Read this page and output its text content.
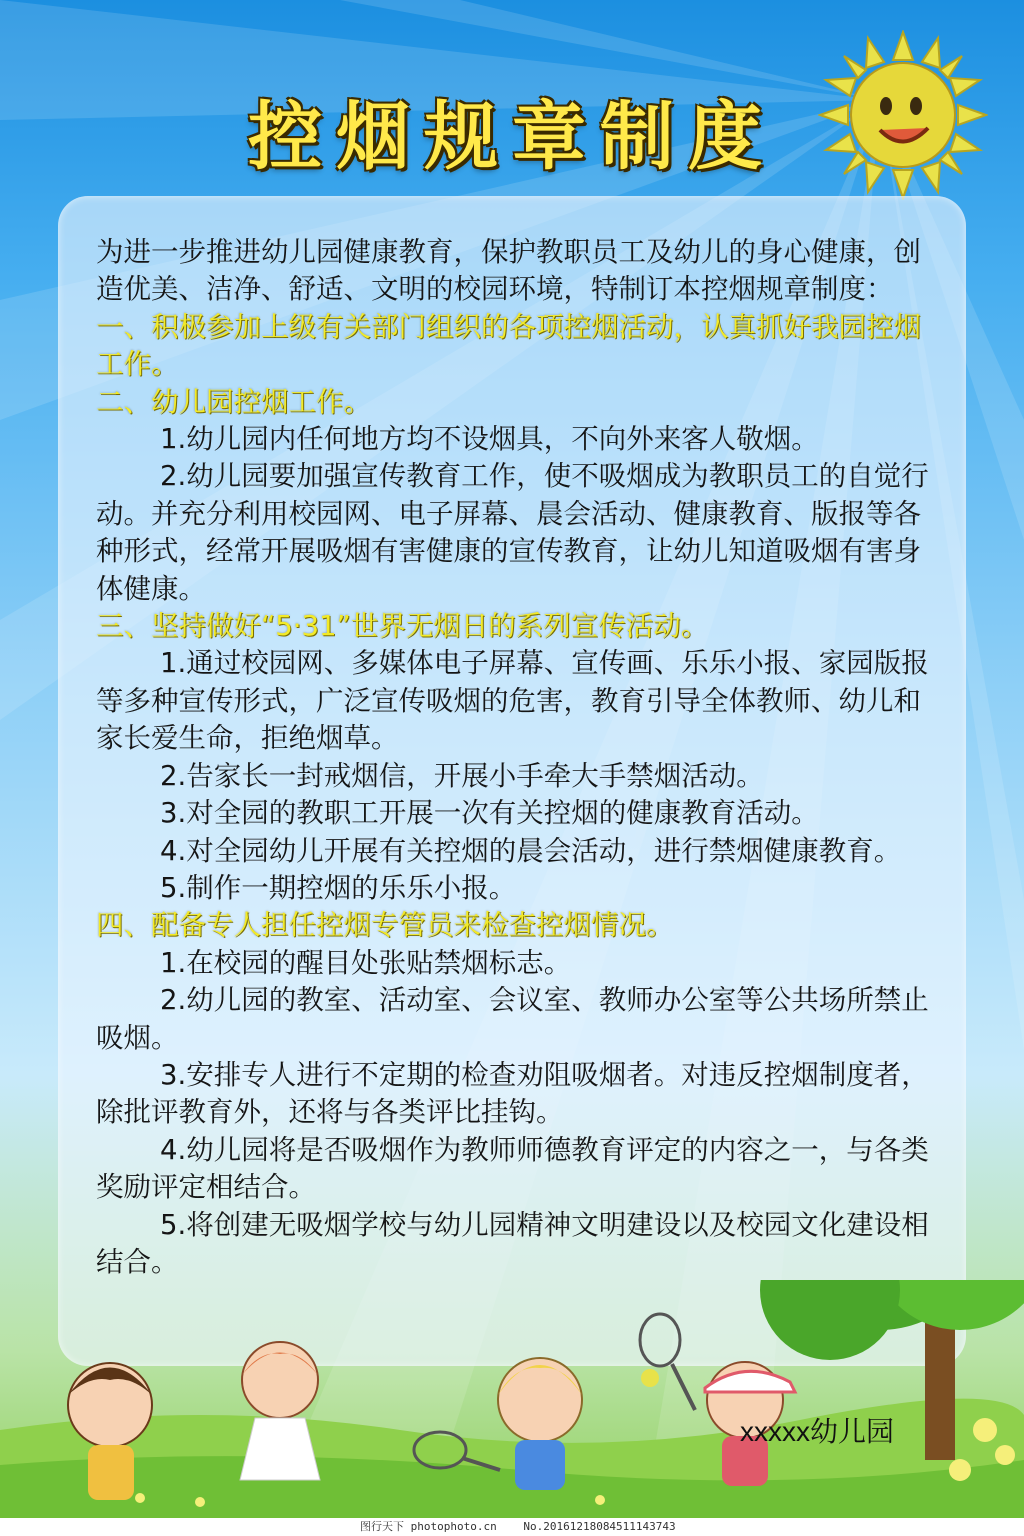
控烟规章制度

为进一步推进幼儿园健康教育，保护教职员工及幼儿的身心健康，创造优美、洁净、舒适、文明的校园环境，特制订本控烟规章制度：

一、积极参加上级有关部门组织的各项控烟活动，认真抓好我园控烟工作。

二、幼儿园控烟工作。

1.幼儿园内任何地方均不设烟具，不向外来客人敬烟。

2.幼儿园要加强宣传教育工作，使不吸烟成为教职员工的自觉行动。并充分利用校园网、电子屏幕、晨会活动、健康教育、版报等各种形式，经常开展吸烟有害健康的宣传教育，让幼儿知道吸烟有害身体健康。

三、坚持做好“5·31”世界无烟日的系列宣传活动。

1.通过校园网、多媒体电子屏幕、宣传画、乐乐小报、家园版报等多种宣传形式，广泛宣传吸烟的危害，教育引导全体教师、幼儿和家长爱生命，拒绝烟草。

2.告家长一封戒烟信，开展小手牵大手禁烟活动。

3.对全园的教职工开展一次有关控烟的健康教育活动。

4.对全园幼儿开展有关控烟的晨会活动，进行禁烟健康教育。

5.制作一期控烟的乐乐小报。

四、配备专人担任控烟专管员来检查控烟情况。

1.在校园的醒目处张贴禁烟标志。

2.幼儿园的教室、活动室、会议室、教师办公室等公共场所禁止吸烟。

3.安排专人进行不定期的检查劝阻吸烟者。对违反控烟制度者，除批评教育外，还将与各类评比挂钩。

4.幼儿园将是否吸烟作为教师师德教育评定的内容之一，与各类奖励评定相结合。

5.将创建无吸烟学校与幼儿园精神文明建设以及校园文化建设相结合。

xxxxx幼儿园
图行天下 photophoto.cn No.20161218084511143743
